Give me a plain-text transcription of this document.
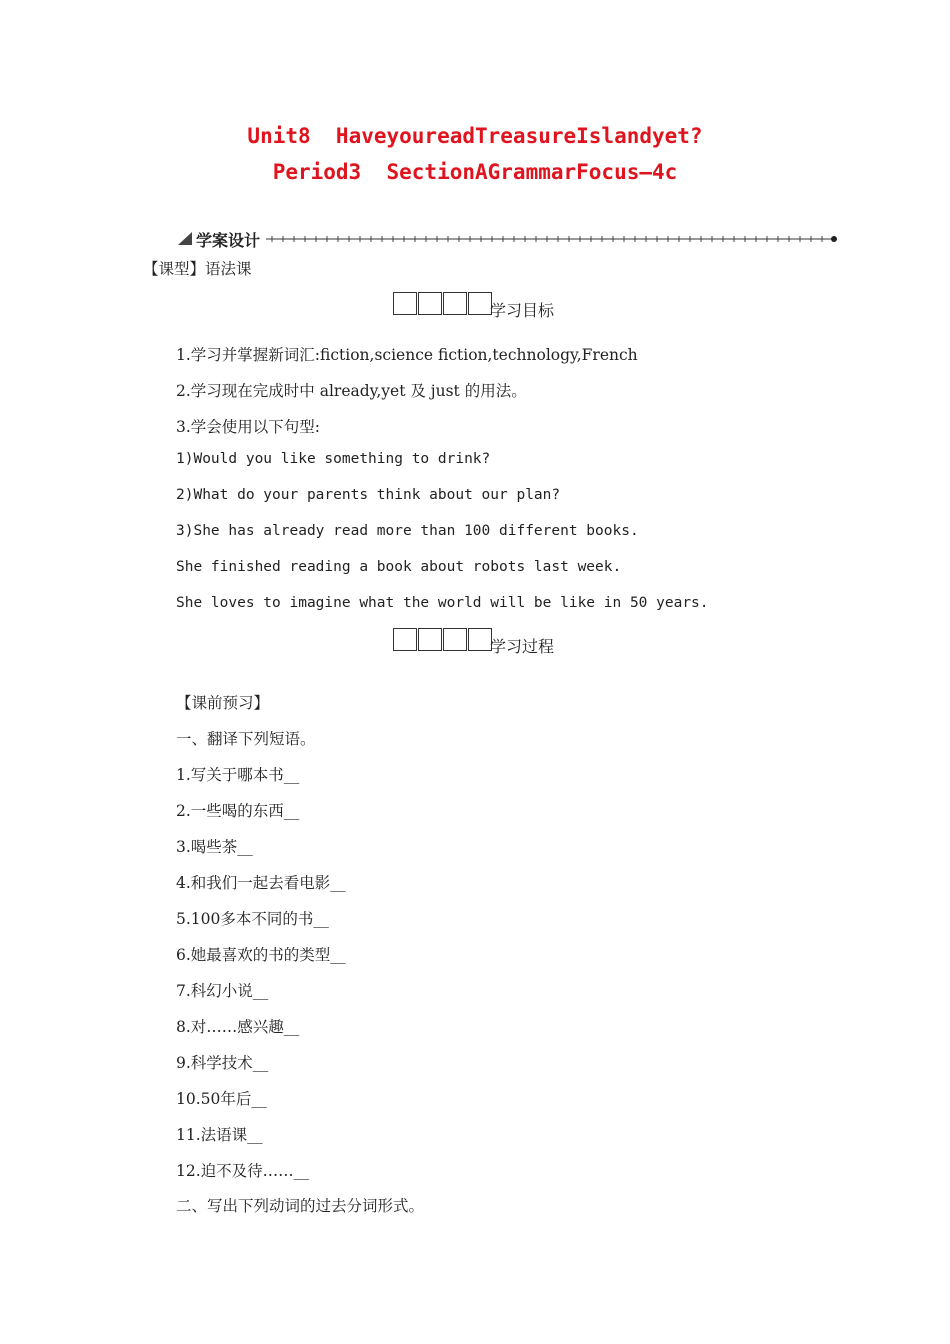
Unit8  HaveyoureadTreasureIslandyet?
Period3  SectionAGrammarFocus—4c
学案设计
【课型】语法课
学习目标
1.学习并掌握新词汇:fiction,science fiction,technology,French
2.学习现在完成时中 already,yet 及 just 的用法。
3.学会使用以下句型:
1)Would you like something to drink?
2)What do your parents think about our plan?
3)She has already read more than 100 different books.
She finished reading a book about robots last week.
She loves to imagine what the world will be like in 50 years.
学习过程
【课前预习】
一、翻译下列短语。
1.写关于哪本书__
2.一些喝的东西__
3.喝些茶__
4.和我们一起去看电影__
5.100多本不同的书__
6.她最喜欢的书的类型__
7.科幻小说__
8.对……感兴趣__
9.科学技术__
10.50年后__
11.法语课__
12.迫不及待……__
二、写出下列动词的过去分词形式。
